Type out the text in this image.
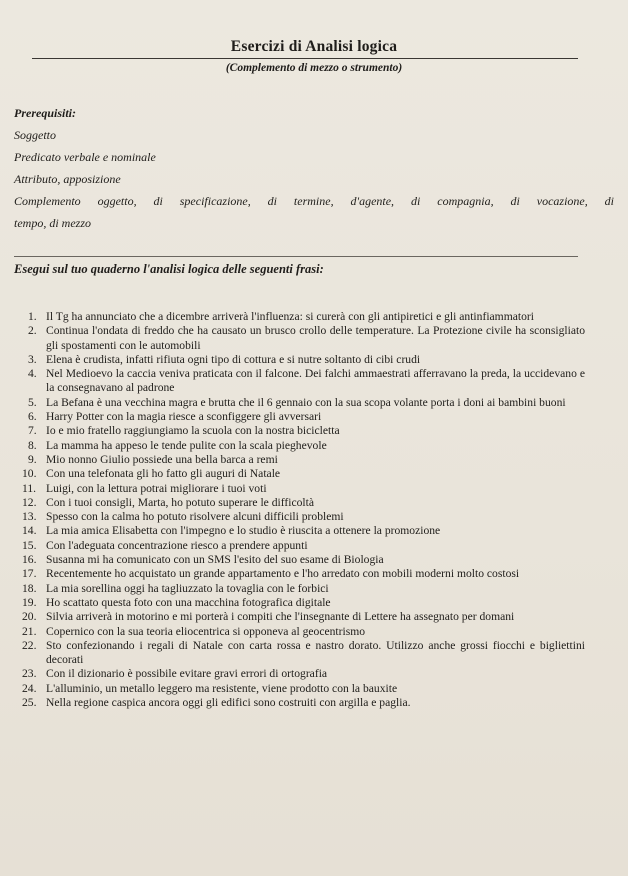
Esercizi di Analisi logica
(Complemento di mezzo o strumento)
Prerequisiti:
Soggetto
Predicato verbale e nominale
Attributo, apposizione
Complemento oggetto, di specificazione, di termine, d'agente, di compagnia, di vocazione, di
tempo, di mezzo
Esegui sul tuo quaderno l'analisi logica delle seguenti frasi:
1. Il Tg ha annunciato che a dicembre arriverà l'influenza: si curerà con gli antipiretici e gli antinfiammatori
2. Continua l'ondata di freddo che ha causato un brusco crollo delle temperature. La Protezione civile ha sconsigliato gli spostamenti con le automobili
3. Elena è crudista, infatti rifiuta ogni tipo di cottura e si nutre soltanto di cibi crudi
4. Nel Medioevo la caccia veniva praticata con il falcone. Dei falchi ammaestrati afferravano la preda, la uccidevano e la consegnavano al padrone
5. La Befana è una vecchina magra e brutta che il 6 gennaio con la sua scopa volante porta i doni ai bambini buoni
6. Harry Potter con la magia riesce a sconfiggere gli avversari
7. Io e mio fratello raggiungiamo la scuola con la nostra bicicletta
8. La mamma ha appeso le tende pulite con la scala pieghevole
9. Mio nonno Giulio possiede una bella barca a remi
10. Con una telefonata gli ho fatto gli auguri di Natale
11. Luigi, con la lettura potrai migliorare i tuoi voti
12. Con i tuoi consigli, Marta, ho potuto superare le difficoltà
13. Spesso con la calma ho potuto risolvere alcuni difficili problemi
14. La mia amica Elisabetta con l'impegno e lo studio è riuscita a ottenere la promozione
15. Con l'adeguata concentrazione riesco a prendere appunti
16. Susanna mi ha comunicato con un SMS l'esito del suo esame di Biologia
17. Recentemente ho acquistato un grande appartamento e l'ho arredato con mobili moderni molto costosi
18. La mia sorellina oggi ha tagliuzzato la tovaglia con le forbici
19. Ho scattato questa foto con una macchina fotografica digitale
20. Silvia arriverà in motorino e mi porterà i compiti che l'insegnante di Lettere ha assegnato per domani
21. Copernico con la sua teoria eliocentrica si opponeva al geocentrismo
22. Sto confezionando i regali di Natale con carta rossa e nastro dorato. Utilizzo anche grossi fiocchi e bigliettini decorati
23. Con il dizionario è possibile evitare gravi errori di ortografia
24. L'alluminio, un metallo leggero ma resistente, viene prodotto con la bauxite
25. Nella regione caspica ancora oggi gli edifici sono costruiti con argilla e paglia.
